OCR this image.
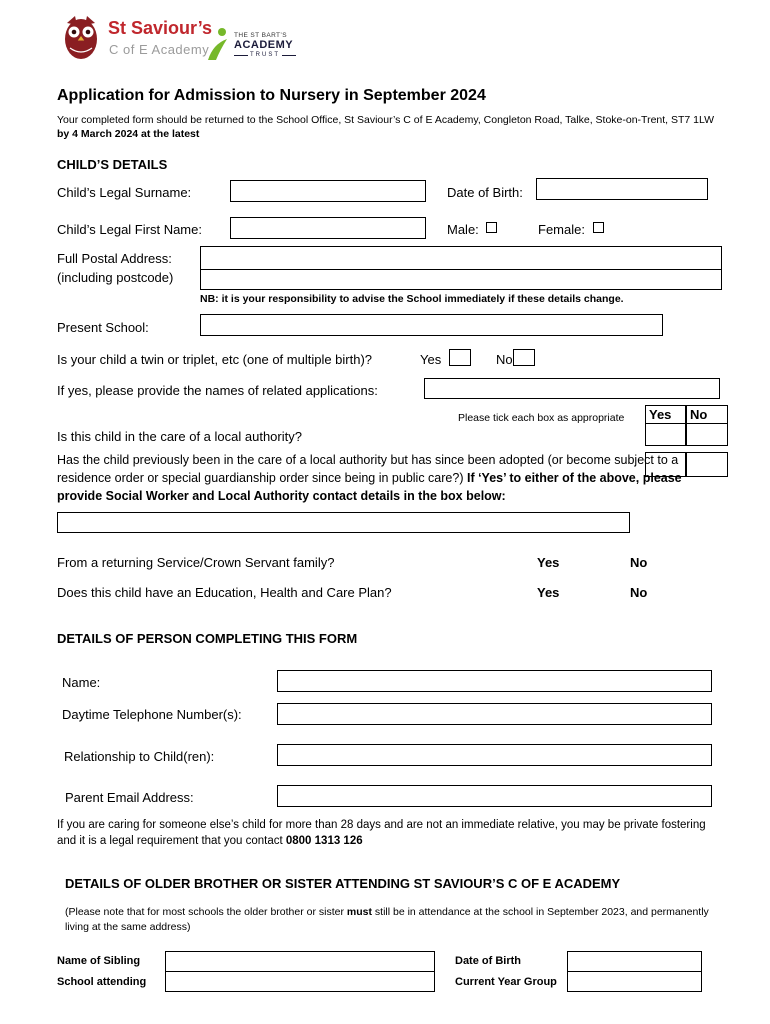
St Saviour’s
C of E Academy
THE ST BART’S
ACADEMY
TRUST
Application for Admission to Nursery in September 2024
Your completed form should be returned to the School Office, St Saviour’s C of E Academy, Congleton Road, Talke, Stoke-on-Trent, ST7 1LW
by 4 March 2024 at the latest
CHILD’S DETAILS
Child’s Legal Surname:	Date of Birth:
Child’s Legal First Name:	Male:	Female:
Full Postal Address:
(including postcode)
NB: it is your responsibility to advise the School immediately if these details change.
Present School:
Is your child a twin or triplet, etc (one of multiple birth)?	Yes	No
If yes, please provide the names of related applications:
Please tick each box as appropriate	Yes	No
Is this child in the care of a local authority?
Has the child previously been in the care of a local authority but has since been adopted (or become subject to a residence order or special guardianship order since being in public care?) If ‘Yes’ to either of the above, please provide Social Worker and Local Authority contact details in the box below:
From a returning Service/Crown Servant family?	Yes	No
Does this child have an Education, Health and Care Plan?	Yes	No
DETAILS OF PERSON COMPLETING THIS FORM
Name:
Daytime Telephone Number(s):
Relationship to Child(ren):
Parent Email Address:
If you are caring for someone else’s child for more than 28 days and are not an immediate relative, you may be private fostering and it is a legal requirement that you contact 0800 1313 126
DETAILS OF OLDER BROTHER OR SISTER ATTENDING ST SAVIOUR’S C OF E ACADEMY
(Please note that for most schools the older brother or sister must still be in attendance at the school in September 2023, and permanently living at the same address)
Name of Sibling	Date of Birth
School attending	Current Year Group
